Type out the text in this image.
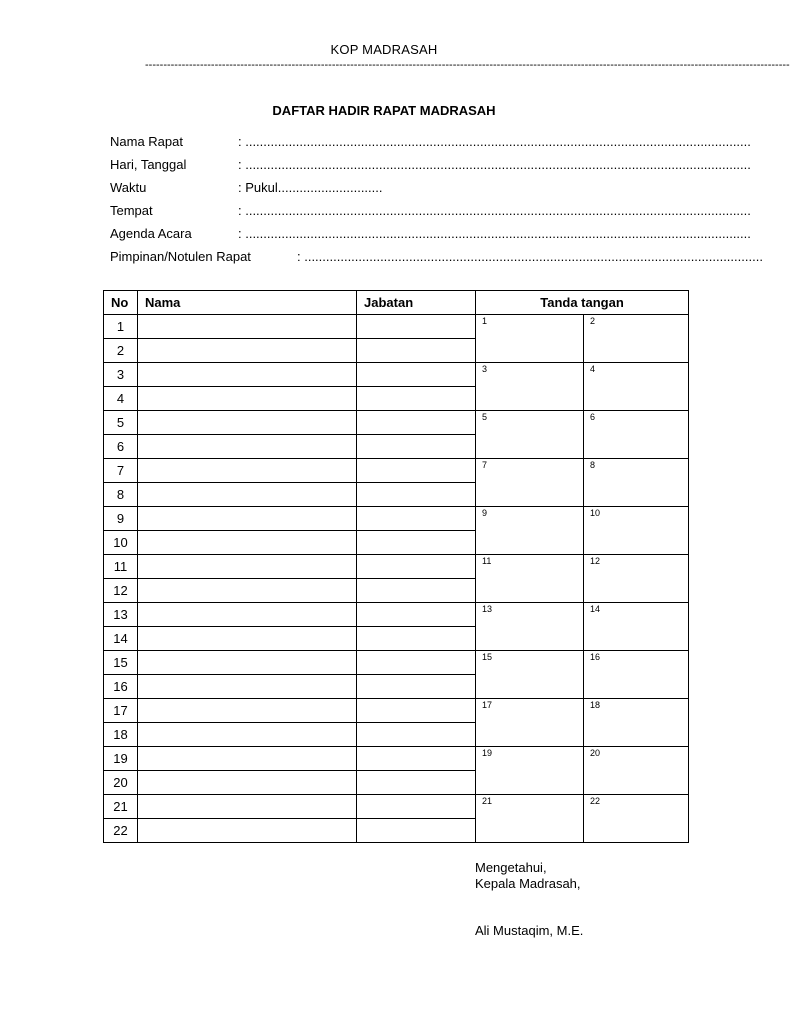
KOP MADRASAH
--------------------------------------------------------------------------------------------------------------------------------------------------------------------------------
DAFTAR HADIR RAPAT MADRASAH
Nama Rapat	: ............................................................................................................................................
Hari, Tanggal	: ............................................................................................................................................
Waktu	: Pukul.............................
Tempat	: ............................................................................................................................................
Agenda Acara	: ............................................................................................................................................
Pimpinan/Notulen Rapat	: ...............................................................................................................................
No	Nama	Jabatan	Tanda tangan	
1			1	2

2				
3			3	4

4				
5			5	6

6				
7			7	8

8				
9			9	10

10				
11			11	12

12				
13			13	14

14				
15			15	16

16				
17			17	18

18				
19			19	20

20				
21			21	22

22				
Mengetahui,
Kepala Madrasah,
Ali Mustaqim, M.E.
